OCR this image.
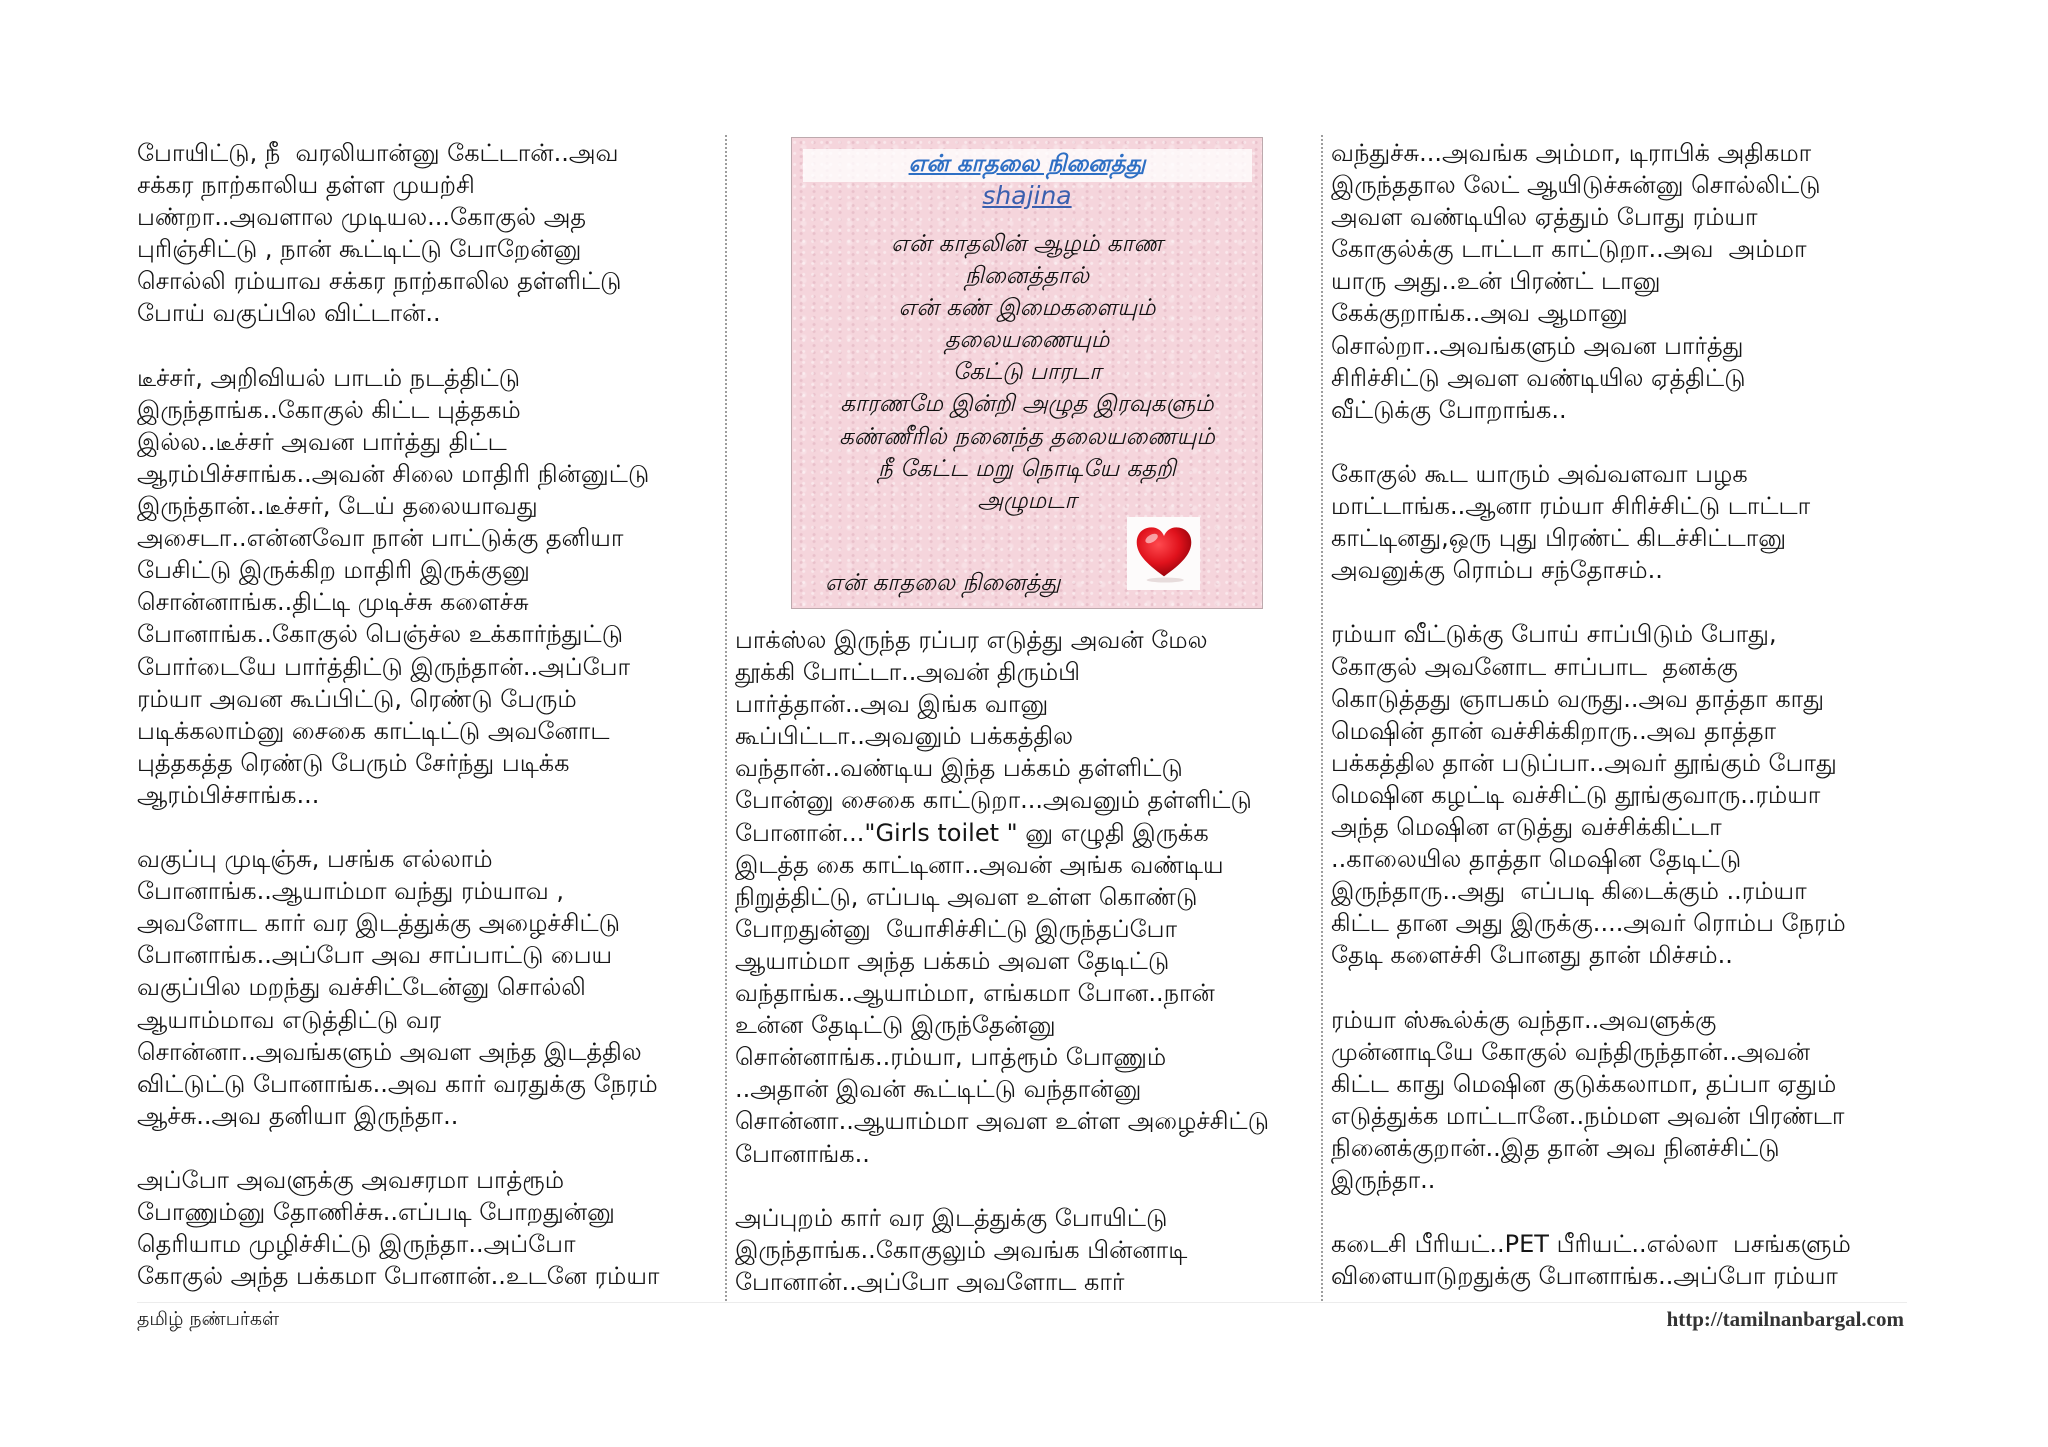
போயிட்டு, நீ  வரலியான்னு கேட்டான்..அவ
சக்கர நாற்காலிய தள்ள முயற்சி
பண்றா..அவளால முடியல...கோகுல் அத
புரிஞ்சிட்டு , நான் கூட்டிட்டு போறேன்னு
சொல்லி ரம்யாவ சக்கர நாற்காலில தள்ளிட்டு
போய் வகுப்பில விட்டான்..
டீச்சர், அறிவியல் பாடம் நடத்திட்டு
இருந்தாங்க..கோகுல் கிட்ட புத்தகம்
இல்ல..டீச்சர் அவன பார்த்து திட்ட
ஆரம்பிச்சாங்க..அவன் சிலை மாதிரி நின்னுட்டு
இருந்தான்..டீச்சர், டேய் தலையாவது
அசைடா..என்னவோ நான் பாட்டுக்கு தனியா
பேசிட்டு இருக்கிற மாதிரி இருக்குனு
சொன்னாங்க..திட்டி முடிச்சு களைச்சு
போனாங்க..கோகுல் பெஞ்ச்ல உக்கார்ந்துட்டு
போர்டையே பார்த்திட்டு இருந்தான்..அப்போ
ரம்யா அவன கூப்பிட்டு, ரெண்டு பேரும்
படிக்கலாம்னு சைகை காட்டிட்டு அவனோட
புத்தகத்த ரெண்டு பேரும் சேர்ந்து படிக்க
ஆரம்பிச்சாங்க...
வகுப்பு முடிஞ்சு, பசங்க எல்லாம்
போனாங்க..ஆயாம்மா வந்து ரம்யாவ ,
அவளோட கார் வர இடத்துக்கு அழைச்சிட்டு
போனாங்க..அப்போ அவ சாப்பாட்டு பைய
வகுப்பில மறந்து வச்சிட்டேன்னு சொல்லி
ஆயாம்மாவ எடுத்திட்டு வர
சொன்னா..அவங்களும் அவள அந்த இடத்தில
விட்டுட்டு போனாங்க..அவ கார் வரதுக்கு நேரம்
ஆச்சு..அவ தனியா இருந்தா..
அப்போ அவளுக்கு அவசரமா பாத்ரூம்
போணும்னு தோணிச்சு..எப்படி போறதுன்னு
தெரியாம முழிச்சிட்டு இருந்தா..அப்போ
கோகுல் அந்த பக்கமா போனான்..உடனே ரம்யா
என் காதலை நினைத்து
shajina
என் காதலின் ஆழம் காண
நினைத்தால்
என் கண் இமைகளையும்
தலையணையும்
கேட்டு பாரடா
காரணமே இன்றி அழுத இரவுகளும்
கண்ணீரில் நனைந்த தலையணையும்
நீ கேட்ட மறு நொடியே கதறி
அழுமடா
என் காதலை நினைத்து
பாக்ஸ்ல இருந்த ரப்பர எடுத்து அவன் மேல
தூக்கி போட்டா..அவன் திரும்பி
பார்த்தான்..அவ இங்க வானு
கூப்பிட்டா..அவனும் பக்கத்தில
வந்தான்..வண்டிய இந்த பக்கம் தள்ளிட்டு
போன்னு சைகை காட்டுறா...அவனும் தள்ளிட்டு
போனான்..."Girls toilet " னு எழுதி இருக்க
இடத்த கை காட்டினா..அவன் அங்க வண்டிய
நிறுத்திட்டு, எப்படி அவள உள்ள கொண்டு
போறதுன்னு  யோசிச்சிட்டு இருந்தப்போ
ஆயாம்மா அந்த பக்கம் அவள தேடிட்டு
வந்தாங்க..ஆயாம்மா, எங்கமா போன..நான்
உன்ன தேடிட்டு இருந்தேன்னு
சொன்னாங்க..ரம்யா, பாத்ரூம் போணும்
..அதான் இவன் கூட்டிட்டு வந்தான்னு
சொன்னா..ஆயாம்மா அவள உள்ள அழைச்சிட்டு
போனாங்க..
அப்புறம் கார் வர இடத்துக்கு போயிட்டு
இருந்தாங்க..கோகுலும் அவங்க பின்னாடி
போனான்..அப்போ அவளோட கார்
வந்துச்சு...அவங்க அம்மா, டிராபிக் அதிகமா
இருந்ததால லேட் ஆயிடுச்சுன்னு சொல்லிட்டு
அவள வண்டியில ஏத்தும் போது ரம்யா
கோகுல்க்கு டாட்டா காட்டுறா..அவ  அம்மா
யாரு அது..உன் பிரண்ட் டானு
கேக்குறாங்க..அவ ஆமானு
சொல்றா..அவங்களும் அவன பார்த்து
சிரிச்சிட்டு அவள வண்டியில ஏத்திட்டு
வீட்டுக்கு போறாங்க..
கோகுல் கூட யாரும் அவ்வளவா பழக
மாட்டாங்க..ஆனா ரம்யா சிரிச்சிட்டு டாட்டா
காட்டினது,ஒரு புது பிரண்ட் கிடச்சிட்டானு
அவனுக்கு ரொம்ப சந்தோசம்..
ரம்யா வீட்டுக்கு போய் சாப்பிடும் போது,
கோகுல் அவனோட சாப்பாட  தனக்கு
கொடுத்தது ஞாபகம் வருது..அவ தாத்தா காது
மெஷின் தான் வச்சிக்கிறாரு..அவ தாத்தா
பக்கத்தில தான் படுப்பா..அவர் தூங்கும் போது
மெஷின கழட்டி வச்சிட்டு தூங்குவாரு..ரம்யா
அந்த மெஷின எடுத்து வச்சிக்கிட்டா
..காலையில தாத்தா மெஷின தேடிட்டு
இருந்தாரு..அது  எப்படி கிடைக்கும் ..ரம்யா
கிட்ட தான அது இருக்கு....அவர் ரொம்ப நேரம்
தேடி களைச்சி போனது தான் மிச்சம்..
ரம்யா ஸ்கூல்க்கு வந்தா..அவளுக்கு
முன்னாடியே கோகுல் வந்திருந்தான்..அவன்
கிட்ட காது மெஷின குடுக்கலாமா, தப்பா ஏதும்
எடுத்துக்க மாட்டானே..நம்மள அவன் பிரண்டா
நினைக்குறான்..இத தான் அவ நினச்சிட்டு
இருந்தா..
கடைசி பீரியட்..PET பீரியட்..எல்லா  பசங்களும்
விளையாடுறதுக்கு போனாங்க..அப்போ ரம்யா
தமிழ் நண்பர்கள்	http://tamilnanbargal.com
